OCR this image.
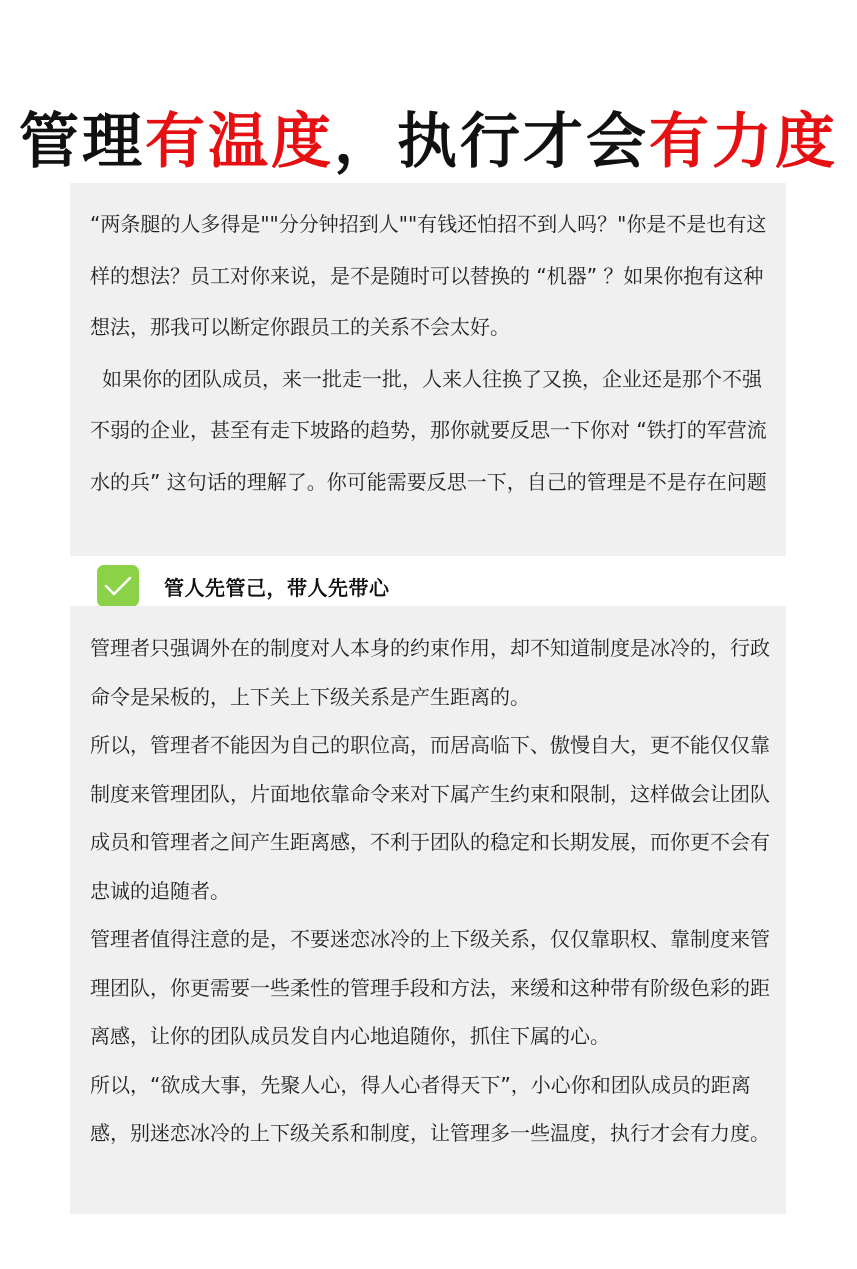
管理有温度，执行才会有力度

“两条腿的人多得是""分分钟招到人""有钱还怕招不到人吗？"你是不是也有这样的想法？员工对你来说，是不是随时可以替换的 “机器” ？如果你抱有这种想法，那我可以断定你跟员工的关系不会太好。

如果你的团队成员，来一批走一批，人来人往换了又换，企业还是那个不强不弱的企业，甚至有走下坡路的趋势，那你就要反思一下你对 “铁打的军营流水的兵” 这句话的理解了。你可能需要反思一下，自己的管理是不是存在问题

管人先管己，带人先带心

管理者只强调外在的制度对人本身的约束作用，却不知道制度是冰冷的，行政命令是呆板的，上下关上下级关系是产生距离的。

所以，管理者不能因为自己的职位高，而居高临下、傲慢自大，更不能仅仅靠制度来管理团队，片面地依靠命令来对下属产生约束和限制，这样做会让团队成员和管理者之间产生距离感，不利于团队的稳定和长期发展，而你更不会有忠诚的追随者。

管理者值得注意的是，不要迷恋冰冷的上下级关系，仅仅靠职权、靠制度来管理团队，你更需要一些柔性的管理手段和方法，来缓和这种带有阶级色彩的距离感，让你的团队成员发自内心地追随你，抓住下属的心。

所以，“欲成大事，先聚人心，得人心者得天下”，小心你和团队成员的距离感，别迷恋冰冷的上下级关系和制度，让管理多一些温度，执行才会有力度。
